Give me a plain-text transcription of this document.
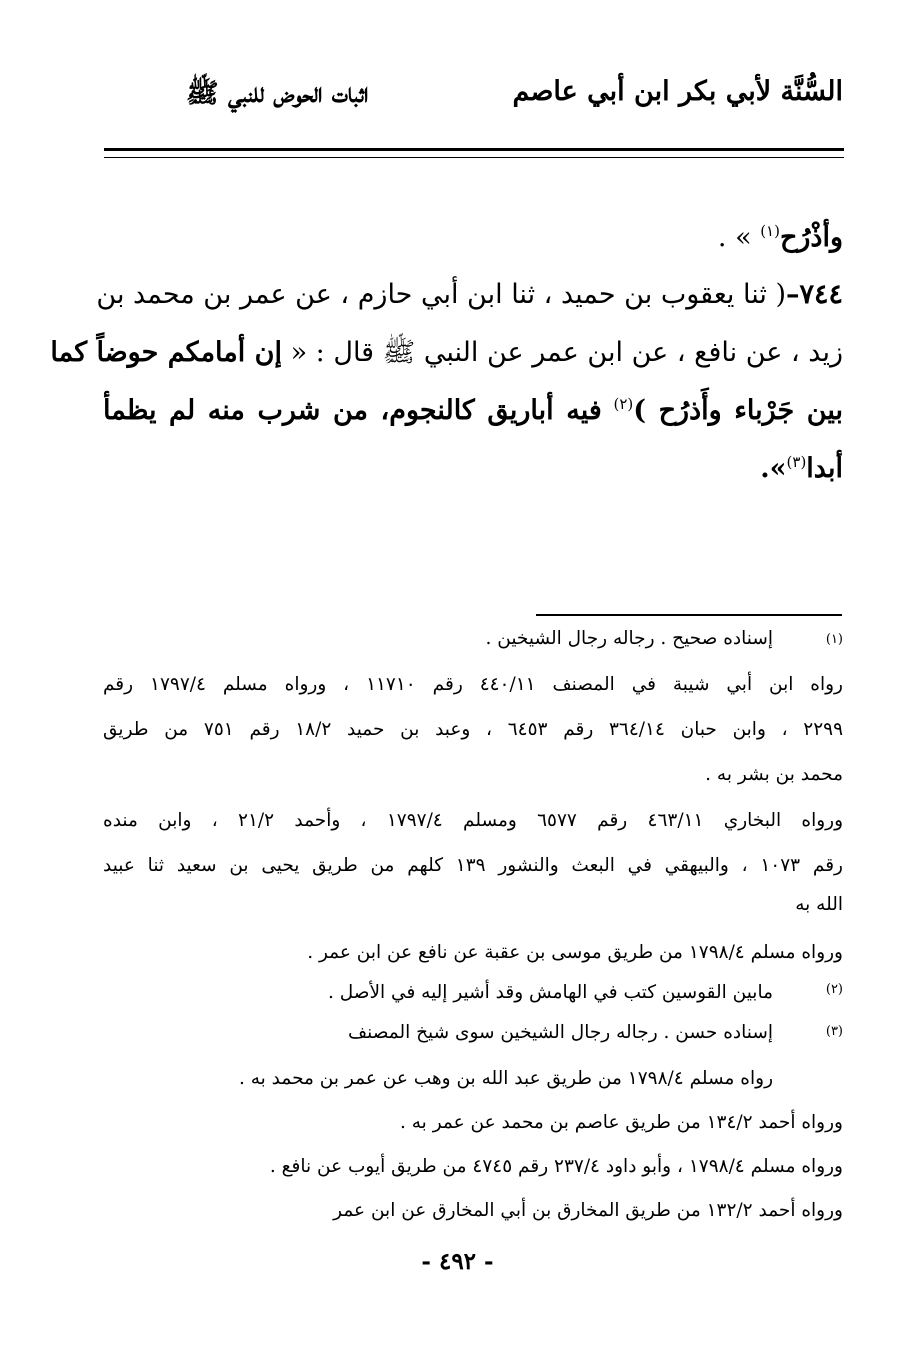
السُّنَّة لأبي بكر ابن أبي عاصم
اثبات الحوض للنبي ﷺ
وأذْرُح$^{(١)}$ » .
٧٤٤–( ثنا يعقوب بن حميد ، ثنا ابن أبي حازم ، عن عمر بن محمد بن
زيد ، عن نافع ، عن ابن عمر عن النبي ﷺ قال : « إن أمامكم حوضاً كما
بين جَرْباء وأَذرُح )$^{(٢)}$ فيه أباريق كالنجوم، من شرب منه لم يظمأ
أبدا$^{(٣)}$».
(١)
إسناده صحيح . رجاله رجال الشيخين .
رواه ابن أبي شيبة في المصنف ٤٤٠/١١ رقم ١١٧١٠ ، ورواه مسلم ١٧٩٧/٤ رقم
٢٢٩٩ ، وابن حبان ٣٦٤/١٤ رقم ٦٤٥٣ ، وعبد بن حميد ١٨/٢ رقم ٧٥١ من طريق
محمد بن بشر به .
ورواه البخاري ٤٦٣/١١ رقم ٦٥٧٧ ومسلم ١٧٩٧/٤ ، وأحمد ٢١/٢ ، وابن منده
رقم ١٠٧٣ ، والبيهقي في البعث والنشور ١٣٩ كلهم من طريق يحيى بن سعيد ثنا عبيد
الله به
ورواه مسلم ١٧٩٨/٤ من طريق موسى بن عقبة عن نافع عن ابن عمر .
(٢)
مابين القوسين كتب في الهامش وقد أشير إليه في الأصل .
(٣)
إسناده حسن . رجاله رجال الشيخين سوى شيخ المصنف
رواه مسلم ١٧٩٨/٤ من طريق عبد الله بن وهب عن عمر بن محمد به .
ورواه أحمد ١٣٤/٢ من طريق عاصم بن محمد عن عمر به .
ورواه مسلم ١٧٩٨/٤ ، وأبو داود ٢٣٧/٤ رقم ٤٧٤٥ من طريق أيوب عن نافع .
ورواه أحمد ١٣٢/٢ من طريق المخارق بن أبي المخارق عن ابن عمر
- ٤٩٢ -
